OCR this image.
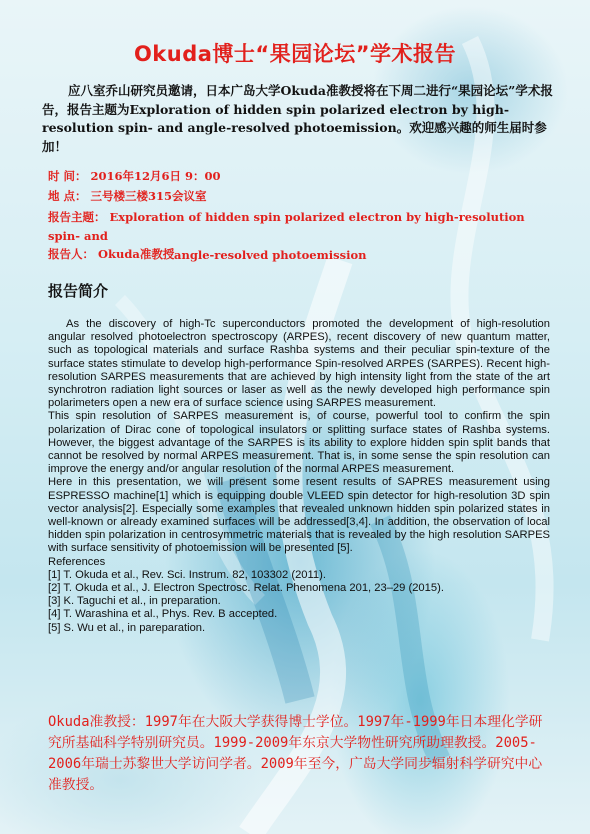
Okuda博士“果园论坛”学术报告
应八室乔山研究员邀请，日本广岛大学Okuda准教授将在下周二进行“果园论坛”学术报告，报告主题为Exploration of hidden spin polarized electron by high-resolution spin- and angle-resolved photoemission。欢迎感兴趣的师生届时参加！
时 间： 2016年12月6日 9：00
地 点： 三号楼三楼315会议室
报告主题： Exploration of hidden spin polarized electron by high-resolution spin- and
angle-resolved photoemission
报告人： Okuda准教授
报告简介

As the discovery of high-Tc superconductors promoted the development of high-resolution angular resolved photoelectron spectroscopy (ARPES), recent discovery of new quantum matter, such as topological materials and surface Rashba systems and their peculiar spin-texture of the surface states stimulate to develop high-performance Spin-resolved ARPES (SARPES). Recent high-resolution SARPES measurements that are achieved by high intensity light from the state of the art synchrotron radiation light sources or laser as well as the newly developed high performance spin polarimeters open a new era of surface science using SARPES measurement.

This spin resolution of SARPES measurement is, of course, powerful tool to confirm the spin polarization of Dirac cone of topological insulators or splitting surface states of Rashba systems. However, the biggest advantage of the SARPES is its ability to explore hidden spin split bands that cannot be resolved by normal ARPES measurement. That is, in some sense the spin resolution can improve the energy and/or angular resolution of the normal ARPES measurement.

Here in this presentation, we will present some resent results of SAPRES measurement using ESPRESSO machine[1] which is equipping double VLEED spin detector for high-resolution 3D spin vector analysis[2]. Especially some examples that revealed unknown hidden spin polarized states in well-known or already examined surfaces will be addressed[3,4]. In addition, the observation of local hidden spin polarization in centrosymmetric materials that is revealed by the high resolution SARPES with surface sensitivity of photoemission will be presented [5].

References

[1] T. Okuda et al., Rev. Sci. Instrum. 82, 103302 (2011).

[2] T. Okuda et al., J. Electron Spectrosc. Relat. Phenomena 201, 23–29 (2015).

[3] K. Taguchi et al., in preparation.

[4] T. Warashina et al., Phys. Rev. B accepted.

[5] S. Wu et al., in pareparation.

Okuda准教授：1997年在大阪大学获得博士学位。1997年-1999年日本理化学研究所基础科学特别研究员。1999-2009年东京大学物性研究所助理教授。2005-2006年瑞士苏黎世大学访问学者。2009年至今，广岛大学同步辐射科学研究中心准教授。
